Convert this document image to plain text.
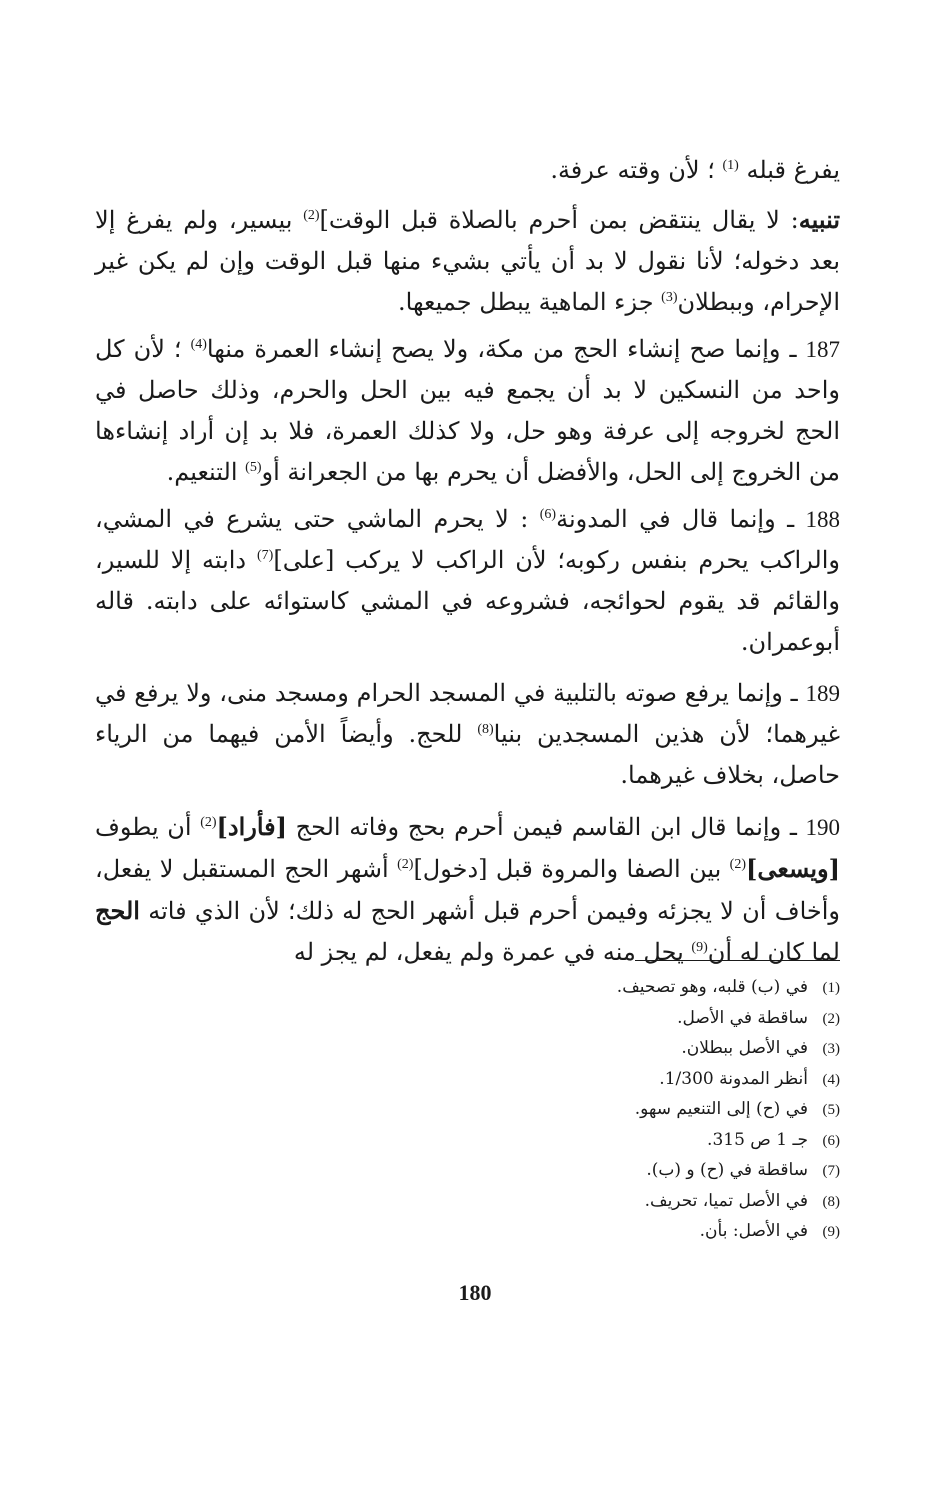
يفرغ قبله $^{(1)}$ ؛ لأن وقته عرفة.

تنبيه: لا يقال ينتقض بمن أحرم بالصلاة قبل الوقت]$^{(2)}$ بيسير، ولم يفرغ إلا بعد دخوله؛ لأنا نقول لا بد أن يأتي بشيء منها قبل الوقت وإن لم يكن غير الإحرام، وببطلان$^{(3)}$ جزء الماهية يبطل جميعها.

187 ـ وإنما صح إنشاء الحج من مكة، ولا يصح إنشاء العمرة منها$^{(4)}$ ؛ لأن كل واحد من النسكين لا بد أن يجمع فيه بين الحل والحرم، وذلك حاصل في الحج لخروجه إلى عرفة وهو حل، ولا كذلك العمرة، فلا بد إن أراد إنشاءها من الخروج إلى الحل، والأفضل أن يحرم بها من الجعرانة أو$^{(5)}$ التنعيم.

188 ـ وإنما قال في المدونة$^{(6)}$ : لا يحرم الماشي حتى يشرع في المشي، والراكب يحرم بنفس ركوبه؛ لأن الراكب لا يركب [على]$^{(7)}$ دابته إلا للسير، والقائم قد يقوم لحوائجه، فشروعه في المشي كاستوائه على دابته. قاله أبوعمران.

189 ـ وإنما يرفع صوته بالتلبية في المسجد الحرام ومسجد منى، ولا يرفع في غيرهما؛ لأن هذين المسجدين بنيا$^{(8)}$ للحج. وأيضاً الأمن فيهما من الرياء حاصل، بخلاف غيرهما.

190 ـ وإنما قال ابن القاسم فيمن أحرم بحج وفاته الحج [فأراد]$^{(2)}$ أن يطوف [ويسعى]$^{(2)}$ بين الصفا والمروة قبل [دخول]$^{(2)}$ أشهر الحج المستقبل لا يفعل، وأخاف أن لا يجزئه وفيمن أحرم قبل أشهر الحج له ذلك؛ لأن الذي فاته الحج لما كان له أن$^{(9)}$ يحل منه في عمرة ولم يفعل، لم يجز له

(1)في (ب) قلبه، وهو تصحيف.
(2)ساقطة في الأصل.
(3)في الأصل ببطلان.
(4)أنظر المدونة 1/300.
(5)في (ح) إلى التنعيم سهو.
(6)جـ 1 ص 315.
(7)ساقطة في (ح) و (ب).
(8)في الأصل تميا، تحريف.
(9)في الأصل: بأن.
180
